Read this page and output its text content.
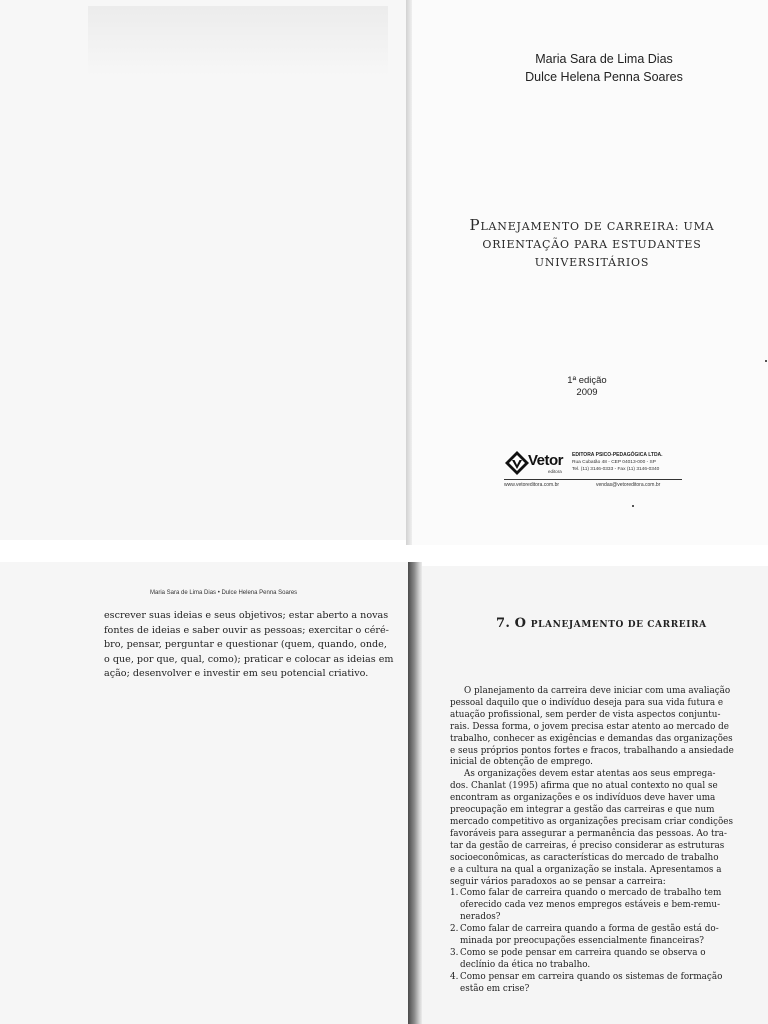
Maria Sara de Lima Dias
Dulce Helena Penna Soares
PLANEJAMENTO DE CARREIRA: UMA
ORIENTAÇÃO PARA ESTUDANTES
UNIVERSITÁRIOS
1ª edição
2009
Vetor
editora
EDITORA PSICO-PEDAGÓGICA LTDA.
Rua Cubatão 48 - CEP 04013-000 - SP
Tel. (11) 3146-0333 - Fax (11) 3146-0340
www.vetoreditora.com.br	vendas@vetoreditora.com.br
Maria Sara de Lima Dias • Dulce Helena Penna Soares
escrever suas ideias e seus objetivos; estar aberto a novas
fontes de ideias e saber ouvir as pessoas; exercitar o céré-
bro, pensar, perguntar e questionar (quem, quando, onde,
o que, por que, qual, como); praticar e colocar as ideias em
ação; desenvolver e investir em seu potencial criativo.
7. O PLANEJAMENTO DE CARREIRA
O planejamento da carreira deve iniciar com uma avaliação
pessoal daquilo que o indivíduo deseja para sua vida futura e
atuação profissional, sem perder de vista aspectos conjuntu-
rais. Dessa forma, o jovem precisa estar atento ao mercado de
trabalho, conhecer as exigências e demandas das organizações
e seus próprios pontos fortes e fracos, trabalhando a ansiedade
inicial de obtenção de emprego.
As organizações devem estar atentas aos seus emprega-
dos. Chanlat (1995) afirma que no atual contexto no qual se
encontram as organizações e os indivíduos deve haver uma
preocupação em integrar a gestão das carreiras e que num
mercado competitivo as organizações precisam criar condições
favoráveis para assegurar a permanência das pessoas. Ao tra-
tar da gestão de carreiras, é preciso considerar as estruturas
socioeconômicas, as características do mercado de trabalho
e a cultura na qual a organização se instala. Apresentamos a
seguir vários paradoxos ao se pensar a carreira:
1. Como falar de carreira quando o mercado de trabalho tem
oferecido cada vez menos empregos estáveis e bem-remu-
nerados?
2. Como falar de carreira quando a forma de gestão está do-
minada por preocupações essencialmente financeiras?
3. Como se pode pensar em carreira quando se observa o
declínio da ética no trabalho.
4. Como pensar em carreira quando os sistemas de formação
estão em crise?
